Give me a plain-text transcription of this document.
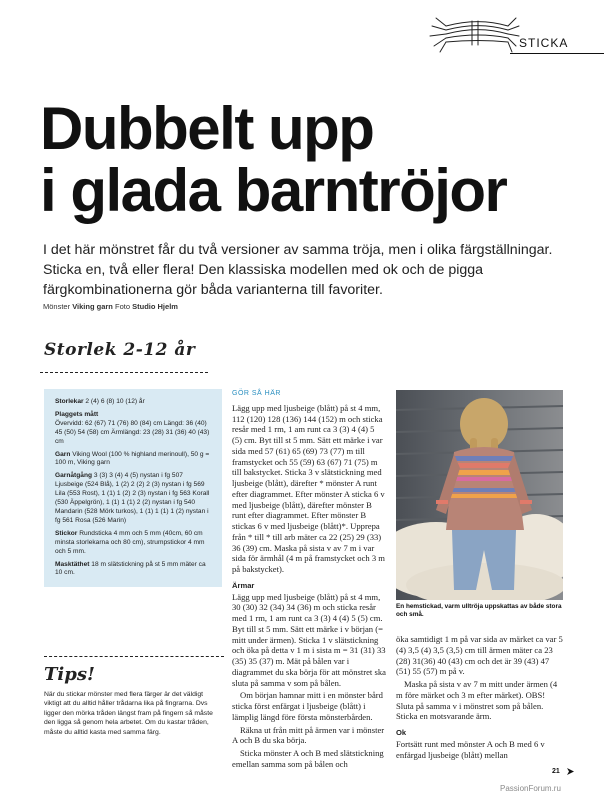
STICKA
Dubbelt upp
i glada barntröjor
I det här mönstret får du två versioner av samma tröja, men i olika färgställningar. Sticka en, två eller flera! Den klassiska modellen med ok och de pigga färgkombinationerna gör båda varianterna till favoriter.
Mönster Viking garn Foto Studio Hjelm
Storlek 2-12 år
Storlekar 2 (4) 6 (8) 10 (12) år
Plaggets mått
Övervidd: 62 (67) 71 (76) 80 (84) cm Längd: 36 (40) 45 (50) 54 (58) cm Ärmlängd: 23 (28) 31 (36) 40 (43) cm
Garn Viking Wool (100 % highland merinoull), 50 g = 100 m, Viking garn
Garnåtgång 3 (3) 3 (4) 4 (5) nystan i fg 507 Ljusbeige (524 Blå), 1 (2) 2 (2) 2 (3) nystan i fg 569 Lila (553 Rost), 1 (1) 1 (2) 2 (3) nystan i fg 563 Korall (530 Äppelgrön), 1 (1) 1 (1) 2 (2) nystan i fg 540 Mandarin (528 Mörk turkos), 1 (1) 1 (1) 1 (2) nystan i fg 561 Rosa (526 Marin)
Stickor Rundsticka 4 mm och 5 mm (40cm, 60 cm minsta storlekarna och 80 cm), strumpstickor 4 mm och 5 mm.
Masktäthet 18 m slätstickning på st 5 mm mäter ca 10 cm.
Tips!
När du stickar mönster med flera färger är det väldigt viktigt att du alltid håller trådarna lika på fingrarna. Dvs ligger den mörka tråden längst fram på fingern så måste den ligga så genom hela arbetet. Om du kastar tråden, måste du alltid kasta med samma färg.
GÖR SÅ HÄR

Lägg upp med ljusbeige (blått) på st 4 mm, 112 (120) 128 (136) 144 (152) m och sticka resår med 1 rm, 1 am runt ca 3 (3) 4 (4) 5 (5) cm. Byt till st 5 mm. Sätt ett märke i var sida med 57 (61) 65 (69) 73 (77) m till framstycket och 55 (59) 63 (67) 71 (75) m till bakstycket. Sticka 3 v slätstickning med ljusbeige (blått), därefter * mönster A runt efter diagrammet. Efter mönster A sticka 6 v med ljusbeige (blått), därefter mönster B runt efter diagrammet. Efter mönster B stickas 6 v med ljusbeige (blått)*. Upprepa från * till * till arb mäter ca 22 (25) 29 (33) 36 (39) cm. Maska på sista v av 7 m i var sida för ärmhål (4 m på framstycket och 3 m på bakstycket).

Ärmar

Lägg upp med ljusbeige (blått) på st 4 mm, 30 (30) 32 (34) 34 (36) m och sticka resår med 1 rm, 1 am runt ca 3 (3) 4 (4) 5 (5) cm. Byt till st 5 mm. Sätt ett märke i v början (= mitt under ärmen). Sticka 1 v slätstickning och öka på detta v 1 m i sista m = 31 (31) 33 (35) 35 (37) m. Mät på bålen var i diagrammet du ska börja för att mönstret ska sluta på samma v som på bålen.

Om början hamnar mitt i en mönster bård sticka först enfärgat i ljusbeige (blått) i lämplig längd före första mönsterbården.

Räkna ut från mitt på ärmen var i mönster A och B du ska börja.

Sticka mönster A och B med slätstickning emellan samma som på bålen och

En hemstickad, varm ulltröja uppskattas av både stora och små.

öka samtidigt 1 m på var sida av märket ca var 5 (4) 3,5 (4) 3,5 (3,5) cm till ärmen mäter ca 23 (28) 31(36) 40 (43) cm och det är 39 (43) 47 (51) 55 (57) m på v.

Maska på sista v av 7 m mitt under ärmen (4 m före märket och 3 m efter märket). OBS! Sluta på samma v i mönstret som på bålen. Sticka en motsvarande ärm.

Ok

Fortsätt runt med mönster A och B med 6 v enfärgad ljusbeige (blått) mellan

21
PassionForum.ru
